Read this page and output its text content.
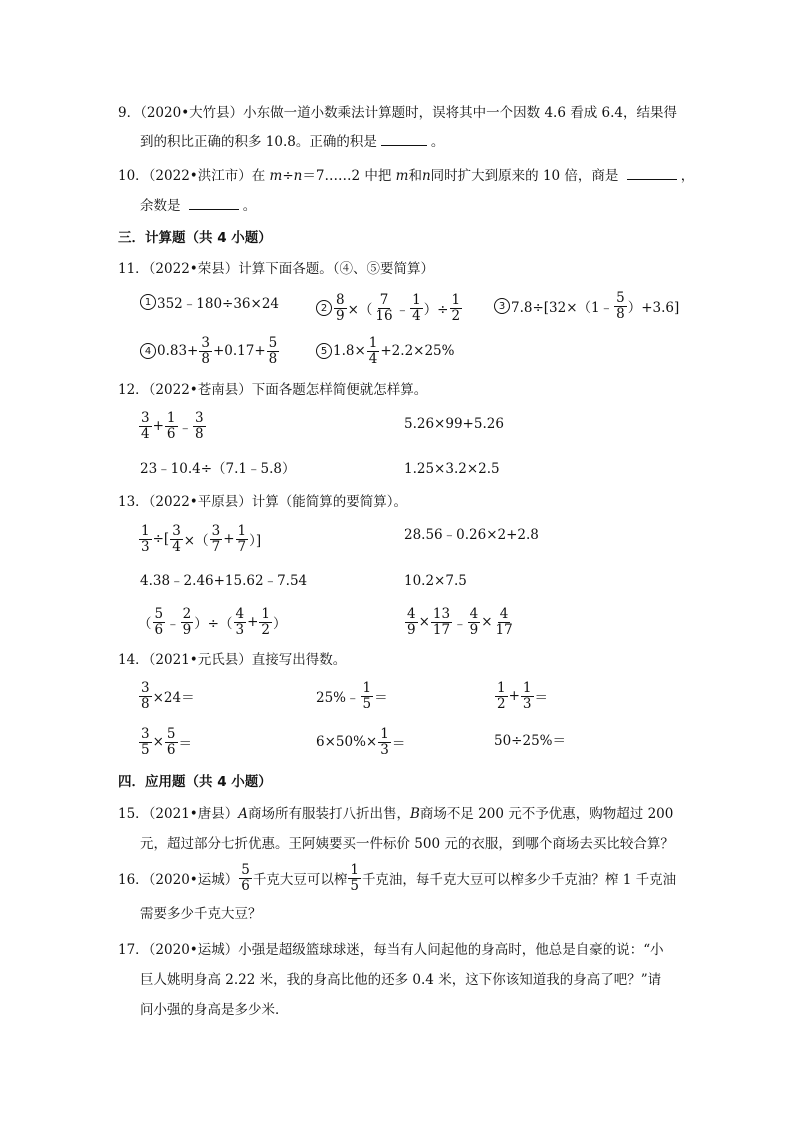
9．（2020•大竹县）小东做一道小数乘法计算题时，误将其中一个因数 4.6 看成 6.4，结果得
到的积比正确的积多 10.8。正确的积是	。
10．（2022•洪江市）在 m÷n＝7……2 中把 m和n同时扩大到原来的 10 倍，商是	，
余数是	。
三．计算题（共 4 小题）
11．（2022•荣县）计算下面各题。（④、⑤要简算）
1 352﹣180÷36×24	$2 \frac{8}{9}$ ×（ $\frac{7}{16}$ ﹣ $\frac{1}{4}$ ）÷ $\frac{1}{2}$	3 7.8÷[32×（1﹣ $\frac{5}{8} )+3.6$]
4 $0.83+ \frac{3}{8} +0.17+ \frac{5}{8}$	5 $1.8\times \frac{1}{4} +2.2\times 25\%$
12．（2022•苍南县）下面各题怎样简便就怎样算。
$\frac{3}{4} + \frac{1}{6}$ ﹣ $\frac{3}{8}$	5.26×99+5.26
23﹣10.4÷（7.1﹣5.8）	1.25×3.2×2.5
13．（2022•平原县）计算（能简算的要简算）。
$\frac{1}{3}$ ÷[ $\frac{3}{4}$ ×（ $\frac{3}{7} + \frac{1}{7}$ ）]	28.56﹣0.26×2+2.8
4.38﹣2.46+15.62﹣7.54	10.2×7.5
（ $\frac{5}{6}$ ﹣ $\frac{2}{9}$ ）÷（ $\frac{4}{3} + \frac{1}{2}$ ）	$\frac{4}{9} \times \frac{13}{17}$ ﹣ $\frac{4}{9} \times \frac{4}{17}$
14．（2021•元氏县）直接写出得数。
$\frac{3}{8} \times 24=$	25%﹣ $\frac{1}{5}$ ＝	$\frac{1}{2} + \frac{1}{3}$ ＝
$\frac{3}{5} \times \frac{5}{6}$ ＝	$6\times 50\%\times \frac{1}{3}$ ＝	50÷25%＝
四．应用题（共 4 小题）
15．（2021•唐县）A商场所有服装打八折出售，B商场不足 200 元不予优惠，购物超过 200
元，超过部分七折优惠。王阿姨要买一件标价 500 元的衣服，到哪个商场去买比较合算？
16．（2020•运城） $\frac{5}{6}$ 千克大豆可以榨 $\frac{1}{5}$ 千克油，每千克大豆可以榨多少千克油？榨 1 千克油
需要多少千克大豆？
17．（2020•运城）小强是超级篮球球迷，每当有人问起他的身高时，他总是自豪的说：“小
巨人姚明身高 2.22 米，我的身高比他的还多 0.4 米，这下你该知道我的身高了吧？”请
问小强的身高是多少米．
